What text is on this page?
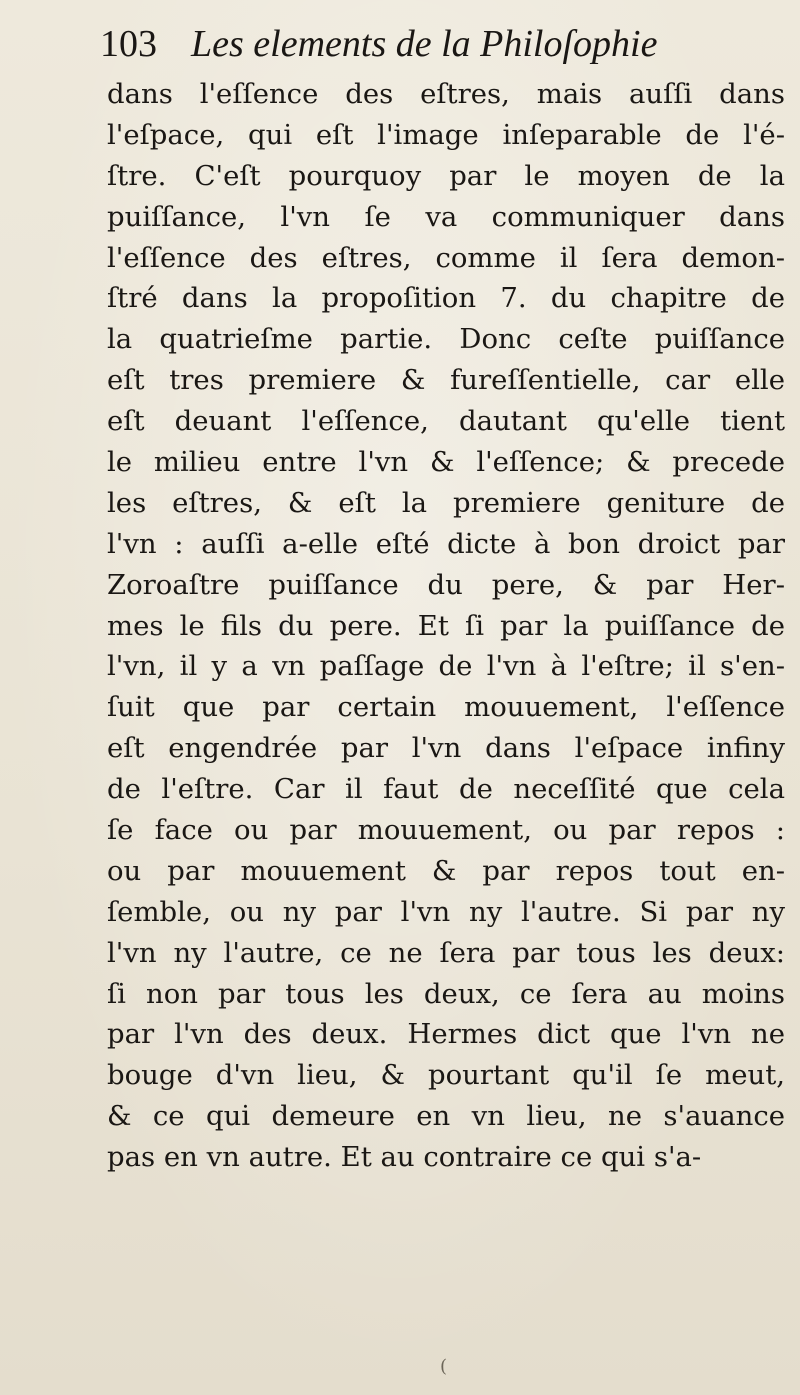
103 Les elements de la Philoſophie
dans l'eſſence des eſtres, mais auſſi dans
l'eſpace, qui eſt l'image inſeparable de l'é-
ſtre. C'eſt pourquoy par le moyen de la
puiſſance, l'vn ſe va communiquer dans
l'eſſence des eſtres, comme il ſera demon-
ſtré dans la propoſition 7. du chapitre de
la quatrieſme partie. Donc ceſte puiſſance
eſt tres premiere & fureſſentielle, car elle
eſt deuant l'eſſence, dautant qu'elle tient
le milieu entre l'vn & l'eſſence; & precede
les eſtres, & eſt la premiere geniture de
l'vn : auſſi a-elle eſté dicte à bon droict par
Zoroaſtre puiſſance du pere, & par Her-
mes le fils du pere. Et ſi par la puiſſance de
l'vn, il y a vn paſſage de l'vn à l'eſtre; il s'en-
ſuit que par certain mouuement, l'eſſence
eſt engendrée par l'vn dans l'eſpace infiny
de l'eſtre. Car il faut de neceſſité que cela
ſe face ou par mouuement, ou par repos :
ou par mouuement & par repos tout en-
ſemble, ou ny par l'vn ny l'autre. Si par ny
l'vn ny l'autre, ce ne ſera par tous les deux:
ſi non par tous les deux, ce ſera au moins
par l'vn des deux. Hermes dict que l'vn ne
bouge d'vn lieu, & pourtant qu'il ſe meut,
& ce qui demeure en vn lieu, ne s'auance
pas en vn autre. Et au contraire ce qui s'a-
(
